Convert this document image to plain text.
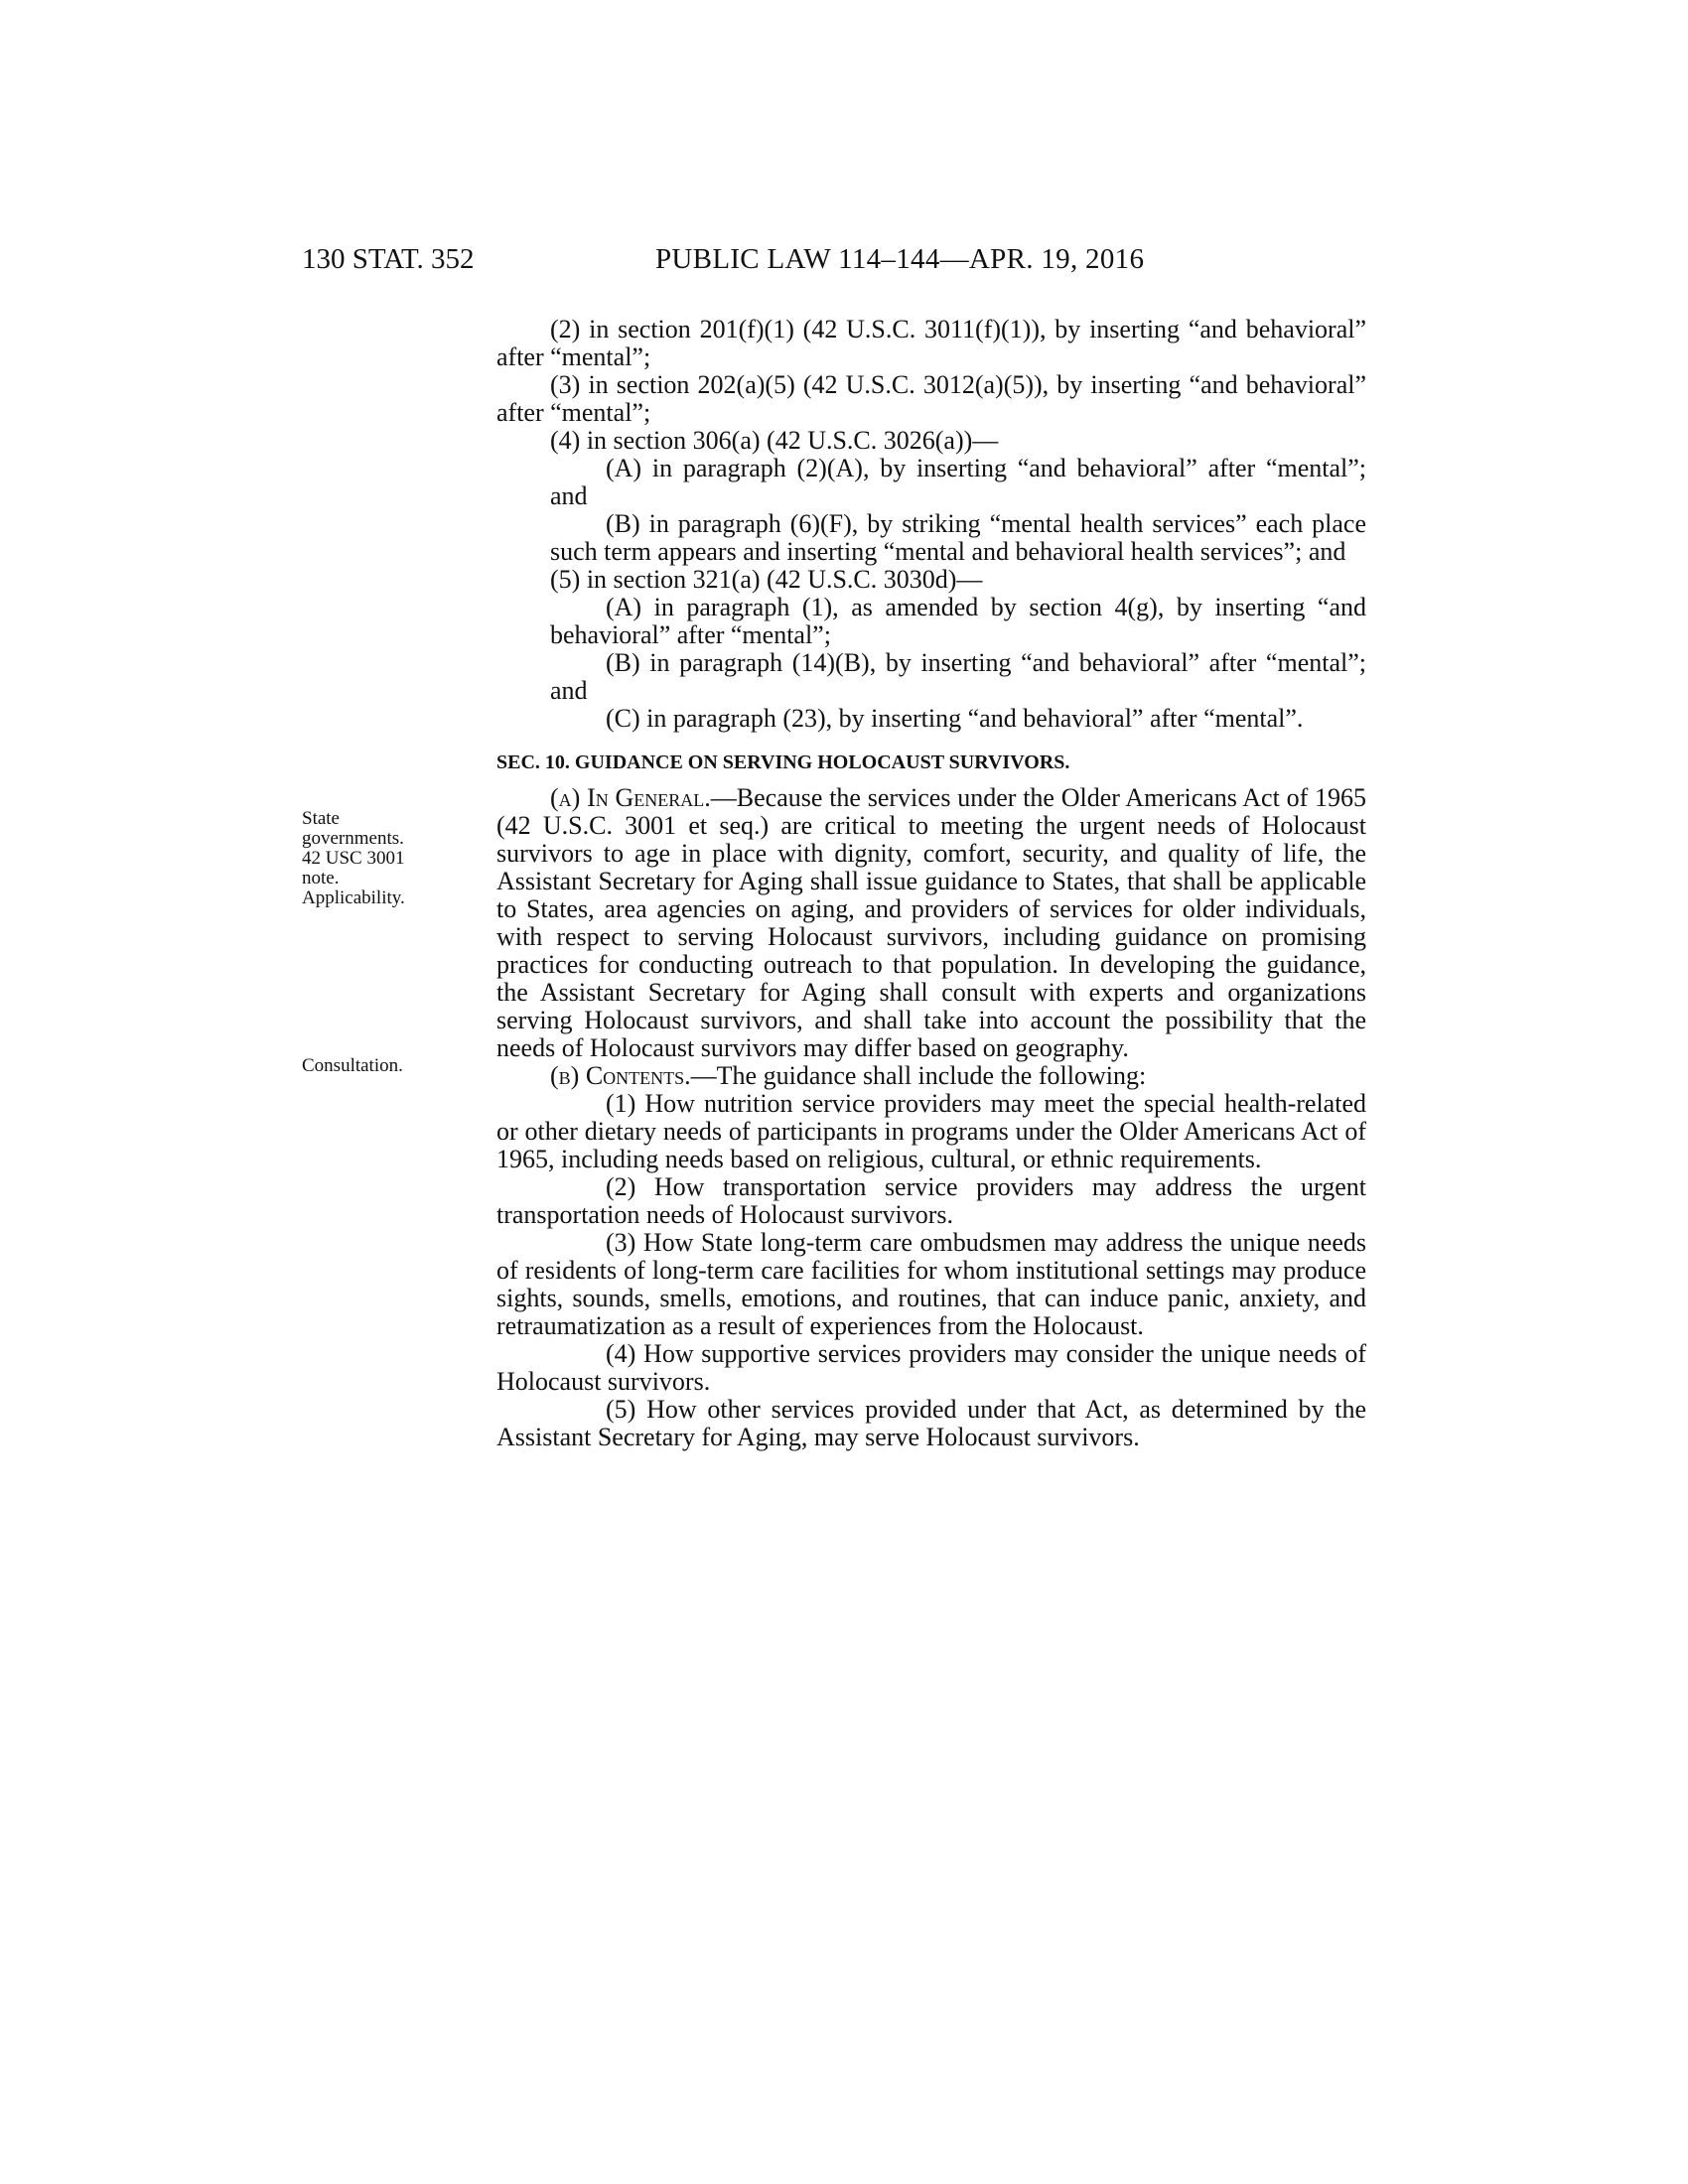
130 STAT. 352	PUBLIC LAW 114–144—APR. 19, 2016
State
governments.
42 USC 3001
note.
Applicability.
Consultation.

(2) in section 201(f)(1) (42 U.S.C. 3011(f)(1)), by inserting “and behavioral” after “mental”;

(3) in section 202(a)(5) (42 U.S.C. 3012(a)(5)), by inserting “and behavioral” after “mental”;

(4) in section 306(a) (42 U.S.C. 3026(a))—

(A) in paragraph (2)(A), by inserting “and behavioral” after “mental”; and

(B) in paragraph (6)(F), by striking “mental health services” each place such term appears and inserting “mental and behavioral health services”; and

(5) in section 321(a) (42 U.S.C. 3030d)—

(A) in paragraph (1), as amended by section 4(g), by inserting “and behavioral” after “mental”;

(B) in paragraph (14)(B), by inserting “and behavioral” after “mental”; and

(C) in paragraph (23), by inserting “and behavioral” after “mental”.

SEC. 10. GUIDANCE ON SERVING HOLOCAUST SURVIVORS.

(a) In General.—Because the services under the Older Americans Act of 1965 (42 U.S.C. 3001 et seq.) are critical to meeting the urgent needs of Holocaust survivors to age in place with dignity, comfort, security, and quality of life, the Assistant Secretary for Aging shall issue guidance to States, that shall be applicable to States, area agencies on aging, and providers of services for older individuals, with respect to serving Holocaust survivors, including guidance on promising practices for conducting outreach to that population. In developing the guidance, the Assistant Secretary for Aging shall consult with experts and organizations serving Holocaust survivors, and shall take into account the possibility that the needs of Holocaust survivors may differ based on geography.

(b) Contents.—The guidance shall include the following:

(1) How nutrition service providers may meet the special health-related or other dietary needs of participants in programs under the Older Americans Act of 1965, including needs based on religious, cultural, or ethnic requirements.

(2) How transportation service providers may address the urgent transportation needs of Holocaust survivors.

(3) How State long-term care ombudsmen may address the unique needs of residents of long-term care facilities for whom institutional settings may produce sights, sounds, smells, emotions, and routines, that can induce panic, anxiety, and retraumatization as a result of experiences from the Holocaust.

(4) How supportive services providers may consider the unique needs of Holocaust survivors.

(5) How other services provided under that Act, as determined by the Assistant Secretary for Aging, may serve Holocaust survivors.
